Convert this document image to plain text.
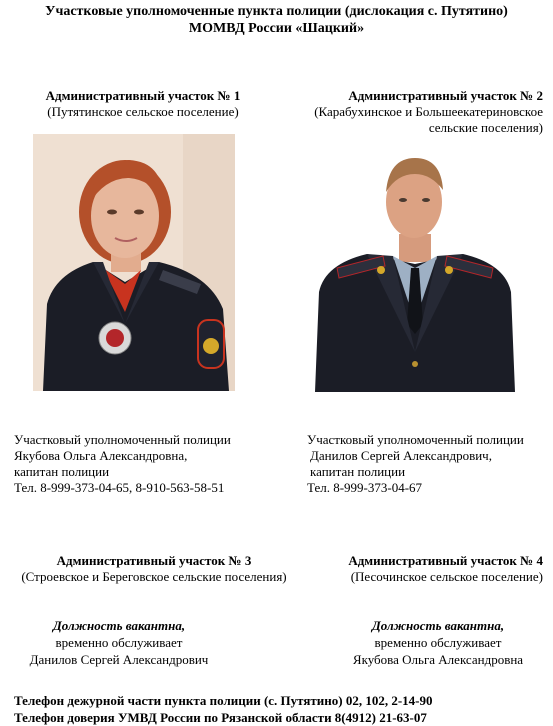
Участковые уполномоченные пункта полиции (дислокация с. Путятино)
МОМВД России «Шацкий»
Административный участок № 1
(Путятинское сельское поселение)
Административный участок № 2
(Карабухинское и Большеекатериновское
сельские поселения)
Участковый уполномоченный полиции
Якубова Ольга Александровна,
капитан полиции
Тел. 8-999-373-04-65, 8-910-563-58-51
Участковый уполномоченный полиции
Данилов Сергей Александрович,
капитан полиции
Тел. 8-999-373-04-67
Административный участок № 3
(Строевское и Береговское сельские поселения)
Административный участок № 4
(Песочинское сельское поселение)
Должность вакантна,
временно обслуживает
Данилов Сергей Александрович
Должность вакантна,
временно обслуживает
Якубова Ольга Александровна
Телефон дежурной части пункта полиции (с. Путятино) 02, 102, 2-14-90
Телефон доверия УМВД России по Рязанской области 8(4912) 21-63-07
